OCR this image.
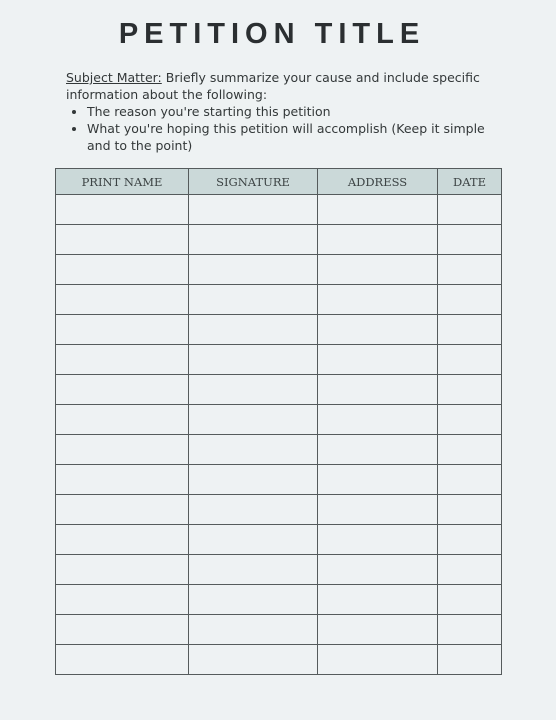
PETITION TITLE
Subject Matter: Briefly summarize your cause and include specific information about the following:
• The reason you're starting this petition
• What you're hoping this petition will accomplish (Keep it simple and to the point)
PRINT NAME	SIGNATURE	ADDRESS	DATE
